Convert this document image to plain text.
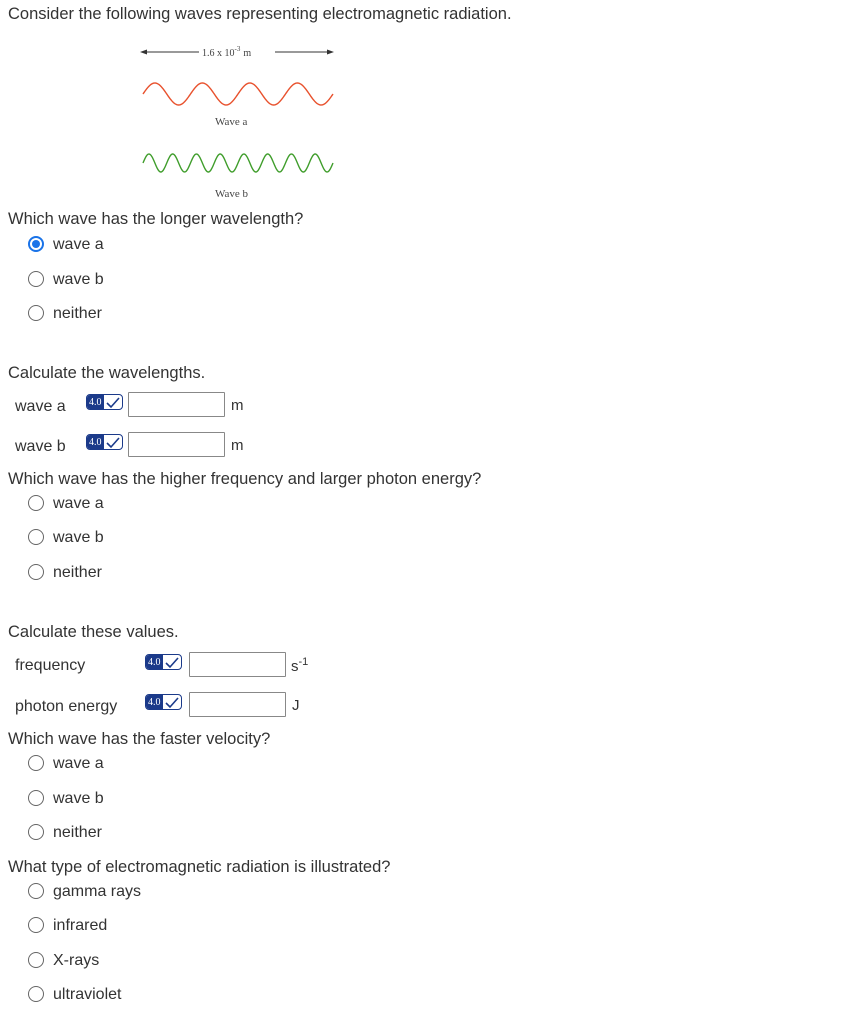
Consider the following waves representing electromagnetic radiation.
1.6 x $10^{-3}$ m
Wave a
Wave b
Which wave has the longer wavelength?
wave a
wave b
neither
Calculate the wavelengths.
wave a 4.0	m
wave b 4.0	m
Which wave has the higher frequency and larger photon energy?
wave a
wave b
neither
Calculate these values.
frequency	4.0	$s^{-1}$
photon energy	4.0	J
Which wave has the faster velocity?
wave a
wave b
neither
What type of electromagnetic radiation is illustrated?
gamma rays
infrared
X-rays
ultraviolet
